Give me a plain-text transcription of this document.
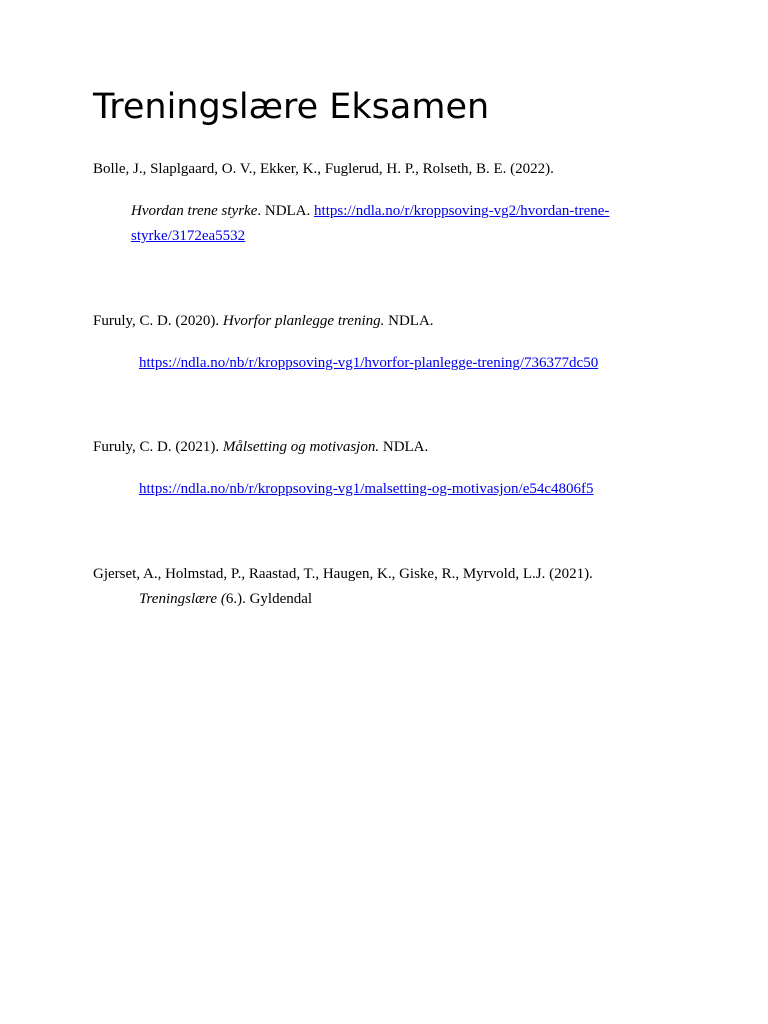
Treningslære Eksamen
Bolle, J., Slaplgaard, O. V., Ekker, K., Fuglerud, H. P., Rolseth, B. E. (2022).
Hvordan trene styrke. NDLA. https://ndla.no/r/kroppsoving-vg2/hvordan-trene-
styrke/3172ea5532
Furuly, C. D. (2020). Hvorfor planlegge trening. NDLA.
https://ndla.no/nb/r/kroppsoving-vg1/hvorfor-planlegge-trening/736377dc50
Furuly, C. D. (2021). Målsetting og motivasjon. NDLA.
https://ndla.no/nb/r/kroppsoving-vg1/malsetting-og-motivasjon/e54c4806f5
Gjerset, A., Holmstad, P., Raastad, T., Haugen, K., Giske, R., Myrvold, L.J. (2021).
Treningslære (6.). Gyldendal
